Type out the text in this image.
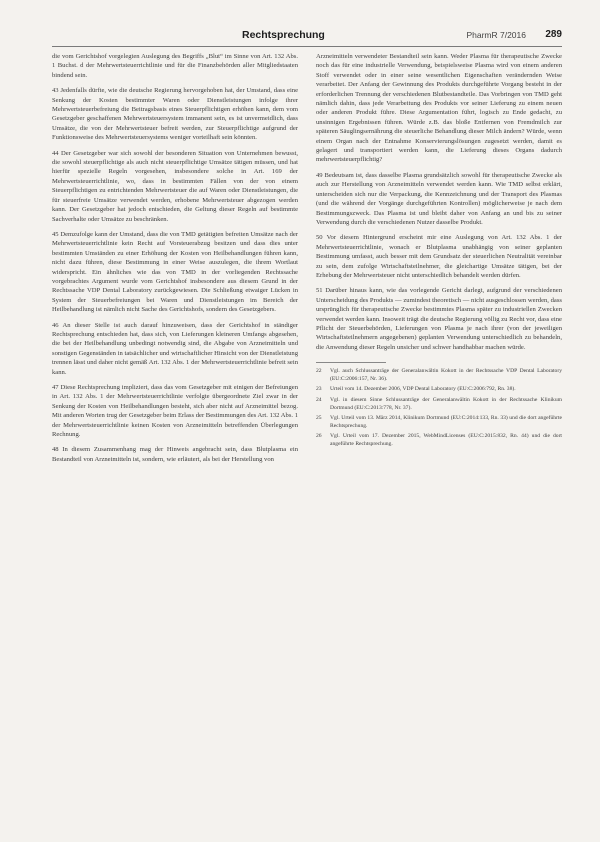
Rechtsprechung	PharmR 7/2016 289

die vom Gerichtshof vorgelegten Auslegung des Begriffs „Blut“ im Sinne von Art. 132 Abs. 1 Buchst. d der Mehrwertsteuerrichtlinie und für die Finanzbehörden aller Mitgliedstaaten bindend sein.

43 Jedenfalls dürfte, wie die deutsche Regierung hervorgehoben hat, der Umstand, dass eine Senkung der Kosten bestimmter Waren oder Dienstleistungen infolge ihrer Mehrwertsteuerbefreiung die Beitragsbasis eines Steuerpflichtigen erhöhen kann, dem vom Gesetzgeber geschaffenen Mehrwertsteuersystem immanent sein, es ist unvermeidlich, dass Umsätze, die von der Mehrwertsteuer befreit werden, zur Steuerpflichtige aufgrund der Funktionsweise des Mehrwertsteuersystems weniger vorteilhaft sein könnten.

44 Der Gesetzgeber war sich sowohl der besonderen Situation von Unternehmen bewusst, die sowohl steuerpflichtige als auch nicht steuerpflichtige Umsätze tätigen müssen, und hat hierfür spezielle Regeln vorgesehen, insbesondere solche in Art. 169 der Mehrwertsteuerrichtlinie, wo, dass in bestimmten Fällen von der von einem Steuerpflichtigen zu entrichtenden Mehrwertsteuer die auf Waren oder Dienstleistungen, die für steuerfreie Umsätze verwendet werden, erhobene Mehrwertsteuer abgezogen werden kann. Der Gesetzgeber hat jedoch entschieden, die Geltung dieser Regeln auf bestimmte Sachverhalte oder Umsätze zu beschränken.

45 Demzufolge kann der Umstand, dass die von TMD getätigten befreiten Umsätze nach der Mehrwertsteuerrichtlinie kein Recht auf Vorsteuerabzug besitzen und dass dies unter bestimmten Umständen zu einer Erhöhung der Kosten von Heilbehandlungen führen kann, nicht dazu führen, diese Bestimmung in einer Weise auszulegen, die ihrem Wortlaut widerspricht. Ein ähnliches wie das von TMD in der vorliegenden Rechtssache vorgebrachtes Argument wurde vom Gerichtshof insbesondere aus diesem Grund in der Rechtssache VDP Dental Laboratory zurückgewiesen. Die Schließung etwaiger Lücken in System der Steuerbefreiungen bei Waren und Dienstleistungen im Bereich der Heilbehandlung ist nämlich nicht Sache des Gerichtshofs, sondern des Gesetzgebers.

46 An dieser Stelle ist auch darauf hinzuweisen, dass der Gerichtshof in ständiger Rechtsprechung entschieden hat, dass sich, von Lieferungen kleineren Umfangs abgesehen, die bei der Heilbehandlung unbedingt notwendig sind, die Abgabe von Arzneimitteln und sonstigen Gegenständen in tatsächlicher und wirtschaftlicher Hinsicht von der Dienstleistung trennen lässt und daher nicht gemäß Art. 132 Abs. 1 der Mehrwertsteuerrichtlinie befreit sein kann.

47 Diese Rechtsprechung impliziert, dass das vom Gesetzgeber mit einigen der Befreiungen in Art. 132 Abs. 1 der Mehrwertsteuerrichtlinie verfolgte übergeordnete Ziel zwar in der Senkung der Kosten von Heilbehandlungen besteht, sich aber nicht auf Arzneimittel bezog. Mit anderen Worten trug der Gesetzgeber beim Erlass der Bestimmungen des Art. 132 Abs. 1 der Mehrwertsteuerrichtlinie keinen Kosten von Arzneimitteln betreffenden Überlegungen Rechnung.

48 In diesem Zusammenhang mag der Hinweis angebracht sein, dass Blutplasma ein Bestandteil von Arzneimitteln ist, sondern, wie erläutert, als bei der Herstellung von

Arzneimitteln verwendeter Bestandteil sein kann. Weder Plasma für therapeutische Zwecke noch das für eine industrielle Verwendung, beispielsweise Plasma wird von einem anderen Stoff verwendet oder in einer seine wesentlichen Eigenschaften verändernden Weise verarbeitet. Der Anfang der Gewinnung des Produkts durchgeführte Vorgang besteht in der erforderlichen Trennung der verschiedenen Blutbestandteile. Das Vorbringen von TMD geht nämlich dahin, dass jede Verarbeitung des Produkts vor seiner Lieferung zu einem neuen oder anderen Produkt führe. Diese Argumentation führt, logisch zu Ende gedacht, zu unsinnigen Ergebnissen führen. Würde z.B. das bloße Entfernen von Fremdmilch zur späteren Säuglingsernährung die steuerliche Behandlung dieser Milch ändern? Würde, wenn einem Organ nach der Entnahme Konservierungslösungen zugesetzt werden, damit es gelagert und transportiert werden kann, die Lieferung dieses Organs dadurch mehrwertsteuerpflichtig?

49 Bedeutsam ist, dass dasselbe Plasma grundsätzlich sowohl für therapeutische Zwecke als auch zur Herstellung von Arzneimitteln verwendet werden kann. Wie TMD selbst erklärt, unterscheiden sich nur die Verpackung, die Kennzeichnung und der Transport des Plasmas (und die während der Vorgänge durchgeführten Kontrollen) möglicherweise je nach dem Bestimmungszweck. Das Plasma ist und bleibt daher von Anfang an und bis zu seiner Verwendung durch die verschiedenen Nutzer dasselbe Produkt.

50 Vor diesem Hintergrund erscheint mir eine Auslegung von Art. 132 Abs. 1 der Mehrwertsteuerrichtlinie, wonach er Blutplasma unabhängig von seiner geplanten Bestimmung umfasst, auch besser mit dem Grundsatz der steuerlichen Neutralität vereinbar zu sein, dem zufolge Wirtschaftsteilnehmer, die gleichartige Umsätze tätigen, bei der Erhebung der Mehrwertsteuer nicht unterschiedlich behandelt werden dürfen.

51 Darüber hinaus kann, wie das vorlegende Gericht darlegt, aufgrund der verschiedenen Unterscheidung des Produkts — zumindest theoretisch — nicht ausgeschlossen werden, dass ursprünglich für therapeutische Zwecke bestimmtes Plasma später zu industriellen Zwecken verwendet werden kann. Insoweit trägt die deutsche Regierung völlig zu Recht vor, dass eine Pflicht der Steuerbehörden, Lieferungen von Plasma je nach ihrer (von der jeweiligen Wirtschaftsteilnehmern angegebenen) geplanten Verwendung unterschiedlich zu behandeln, die Anwendung dieser Regeln unsicher und schwer handhabbar machen würde.

22	Vgl. auch Schlussanträge der Generalanwältin Kokott in der Rechtssache VDP Dental Laboratory (EU:C:2006:157, Nr. 36).
23	Urteil vom 14. Dezember 2006, VDP Dental Laboratory (EU:C:2006:792, Rn. 38).
24	Vgl. in diesem Sinne Schlussanträge der Generalanwältin Kokott in der Rechtssache Klinikum Dortmund (EU:C:2013:778, Nr. 37).
25	Vgl. Urteil vom 13. März 2014, Klinikum Dortmund (EU:C:2014:133, Rn. 33) und die dort angeführte Rechtsprechung.
26	Vgl. Urteil vom 17. Dezember 2015, WebMindLicenses (EU:C:2015:832, Rn. 44) und die dort angeführte Rechtsprechung.
